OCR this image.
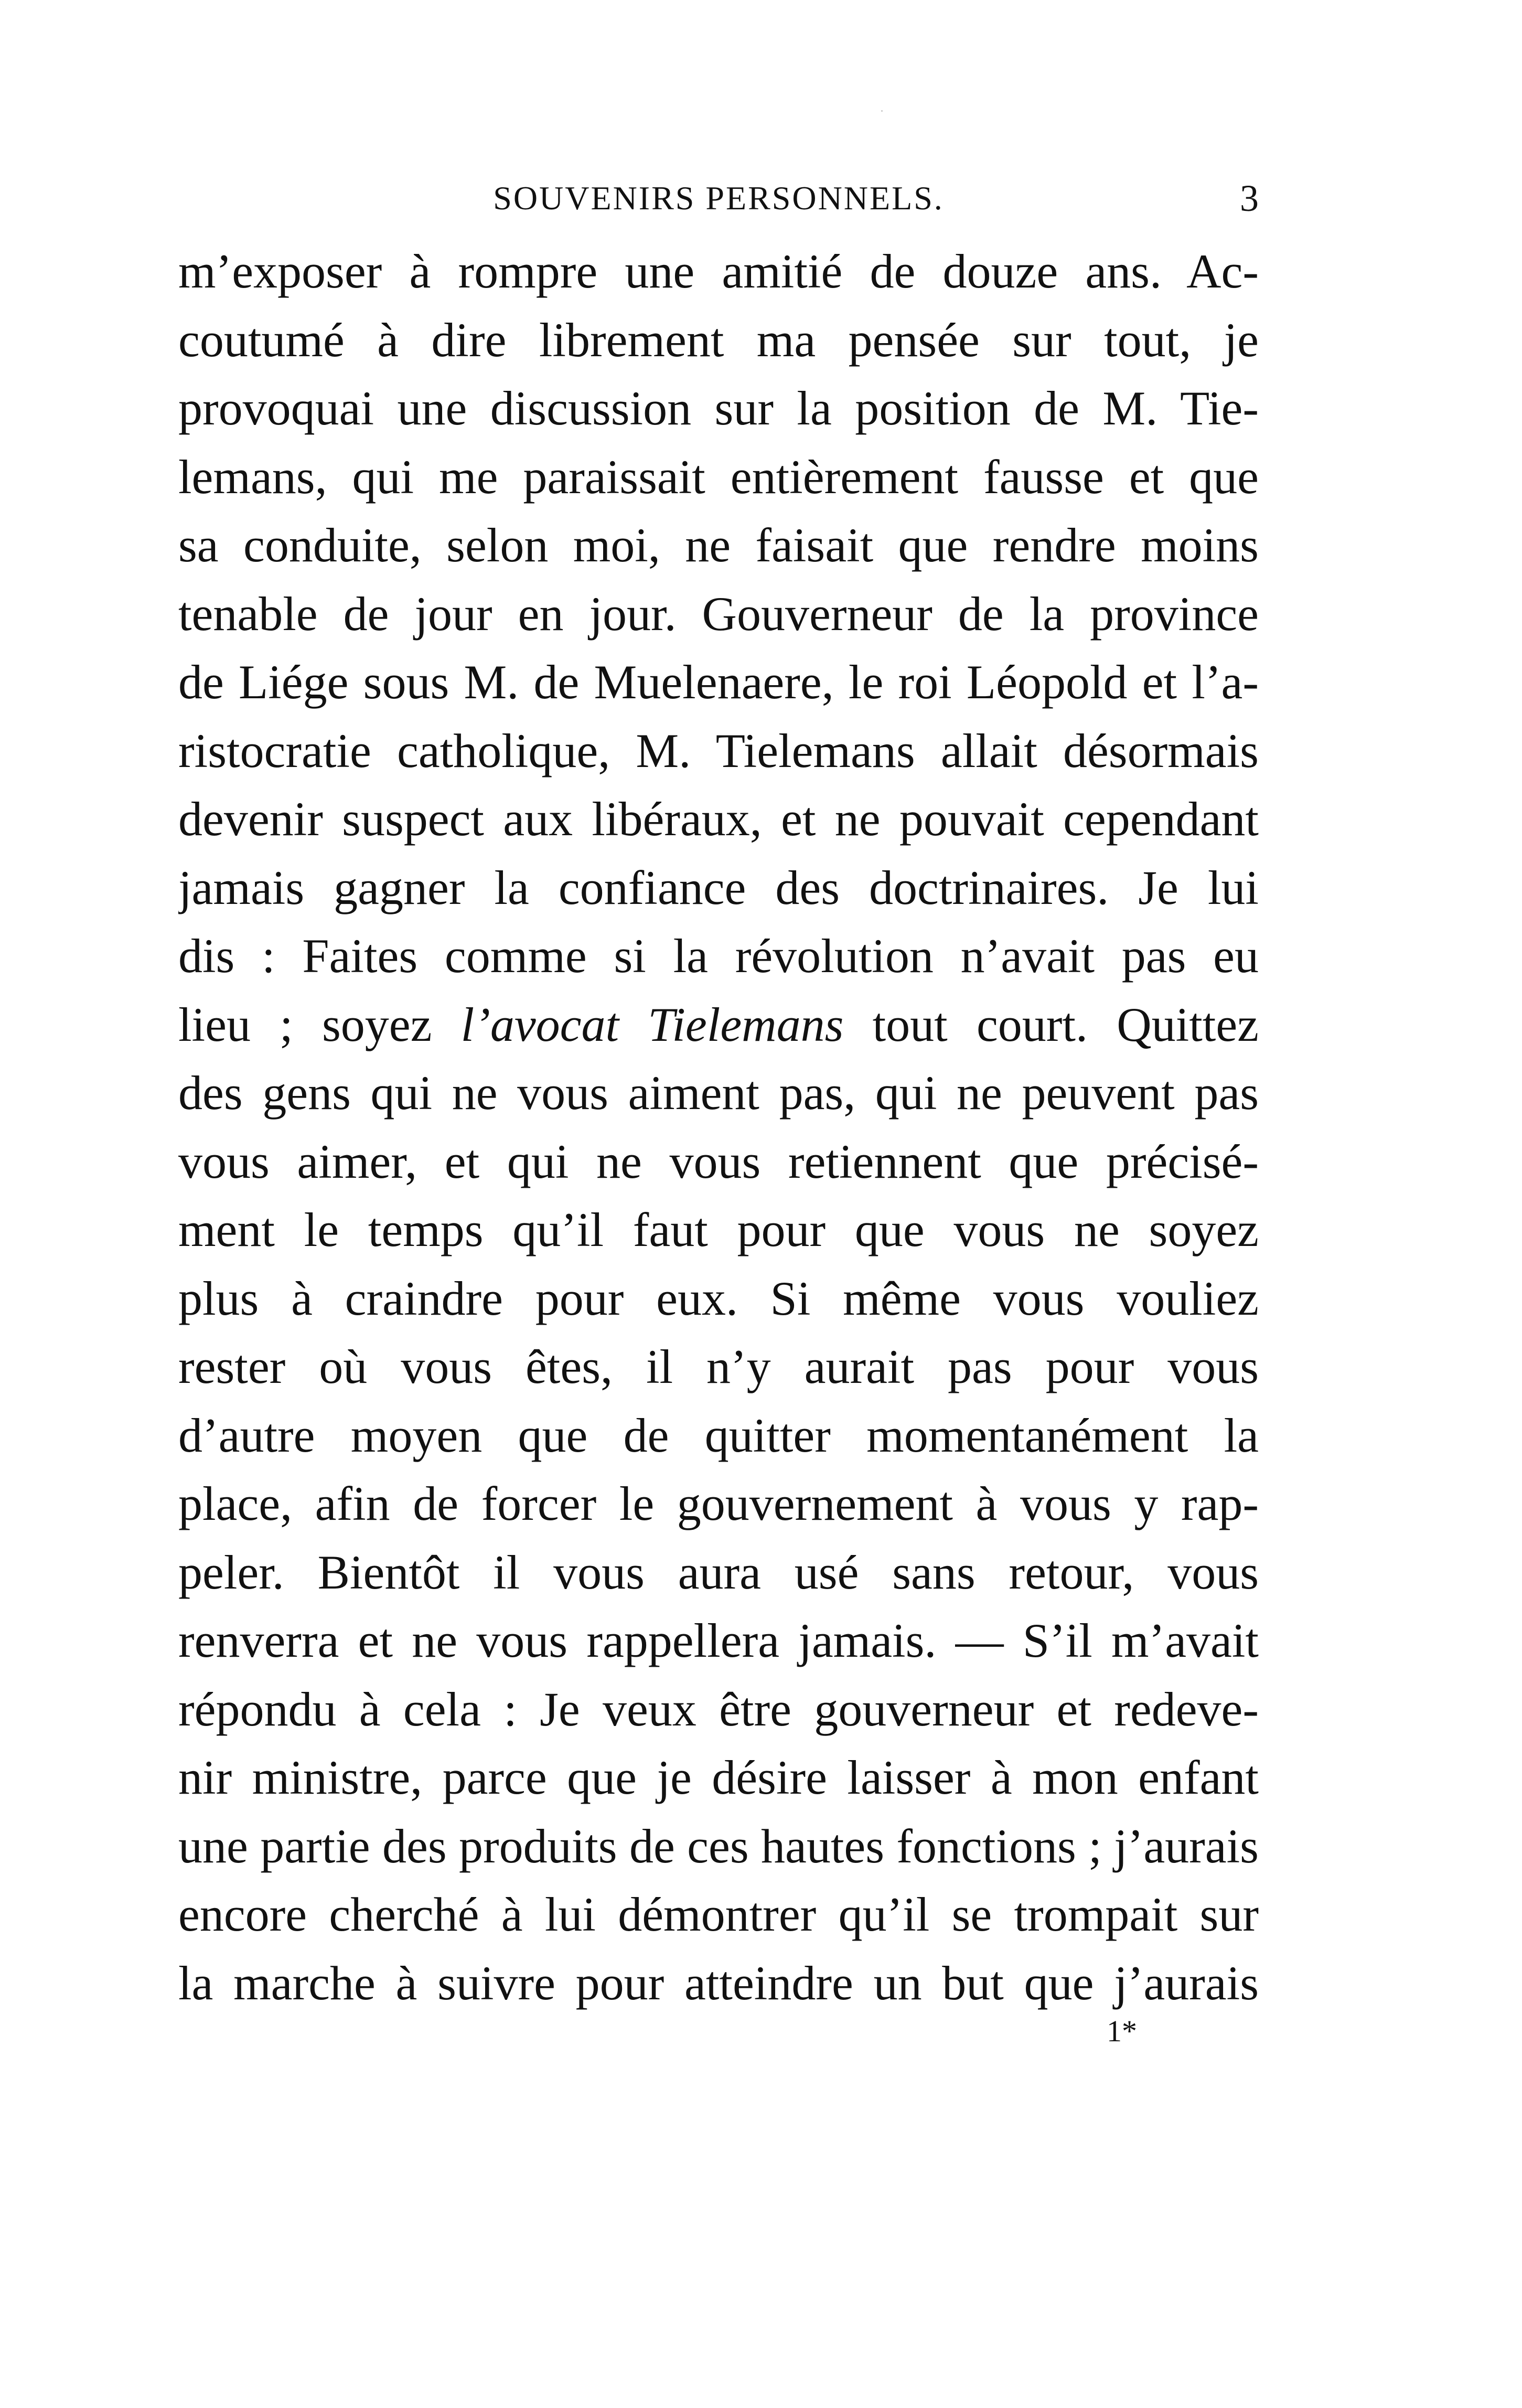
SOUVENIRS PERSONNELS.	3
m’exposer à rompre une amitié de douze ans. Ac-
coutumé à dire librement ma pensée sur tout, je
provoquai une discussion sur la position de M. Tie-
lemans, qui me paraissait entièrement fausse et que
sa conduite, selon moi, ne faisait que rendre moins
tenable de jour en jour. Gouverneur de la province
de Liége sous M. de Muelenaere, le roi Léopold et l’a-
ristocratie catholique, M. Tielemans allait désormais
devenir suspect aux libéraux, et ne pouvait cependant
jamais gagner la confiance des doctrinaires. Je lui
dis : Faites comme si la révolution n’avait pas eu
lieu ; soyez l’avocat Tielemans tout court. Quittez
des gens qui ne vous aiment pas, qui ne peuvent pas
vous aimer, et qui ne vous retiennent que précisé-
ment le temps qu’il faut pour que vous ne soyez
plus à craindre pour eux. Si même vous vouliez
rester où vous êtes, il n’y aurait pas pour vous
d’autre moyen que de quitter momentanément la
place, afin de forcer le gouvernement à vous y rap-
peler. Bientôt il vous aura usé sans retour, vous
renverra et ne vous rappellera jamais. — S’il m’avait
répondu à cela : Je veux être gouverneur et redeve-
nir ministre, parce que je désire laisser à mon enfant
une partie des produits de ces hautes fonctions ; j’aurais
encore cherché à lui démontrer qu’il se trompait sur
la marche à suivre pour atteindre un but que j’aurais
1*
